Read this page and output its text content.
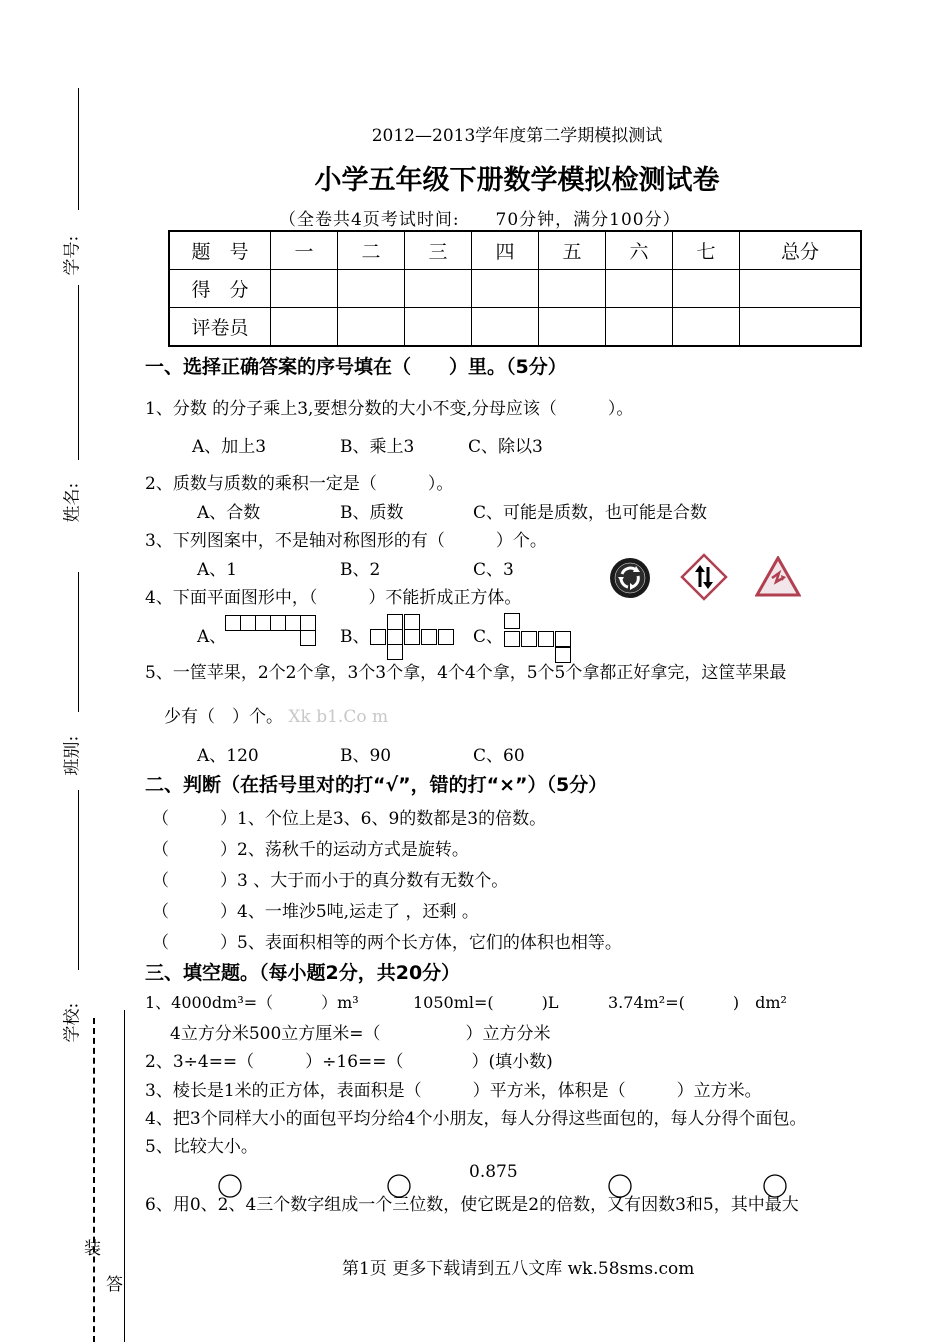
学号:
姓名:
班别:
学校:
装
答
2012—2013学年度第二学期模拟测试
小学五年级下册数学模拟检测试卷
（全卷共4页考试时间:　　70分钟，满分100分）
题　号	一	二	三	四	五	六	七	总分
得　分								
评卷员								
一、选择正确答案的序号填在（　　）里。（5分）
1、分数 的分子乘上3,要想分数的大小不变,分母应该（　　　）。
A、加上3	B、乘上3	C、除以3
2、质数与质数的乘积一定是（　　　）。
A、合数	B、质数	C、可能是质数，也可能是合数
3、下列图案中，不是轴对称图形的有（　　　）个。
A、1	B、2	C、3
4、下面平面图形中，（　　　）不能折成正方体。
A、	B、	C、
5、一筐苹果，2个2个拿，3个3个拿，4个4个拿，5个5个拿都正好拿完，这筐苹果最
少有（　）个。 Xk b1.Co m
A、120	B、90	C、60
二、判断（在括号里对的打“√”，错的打“×”）（5分）
（　　　）1、个位上是3、6、9的数都是3的倍数。
（　　　）2、荡秋千的运动方式是旋转。
（　　　）3 、大于而小于的真分数有无数个。
（　　　）4、一堆沙5吨,运走了 ，还剩 。
（　　　）5、表面积相等的两个长方体，它们的体积也相等。
三、填空题。（每小题2分，共20分）
1、4000dm³=（　　　）m³	1050ml=(　　　)L	3.74m²=(　　　)　dm²
4立方分米500立方厘米=（　　　　　）立方分米
2、3÷4==（　　　）÷16==（　　　　）(填小数)
3、棱长是1米的正方体，表面积是（　　　）平方米，体积是（　　　）立方米。
4、把3个同样大小的面包平均分给4个小朋友，每人分得这些面包的，每人分得个面包。
5、比较大小。
0.875
6、用0、2、4三个数字组成一个三位数，使它既是2的倍数，又有因数3和5，其中最大
第1页 更多下载请到五八文库 wk.58sms.com
